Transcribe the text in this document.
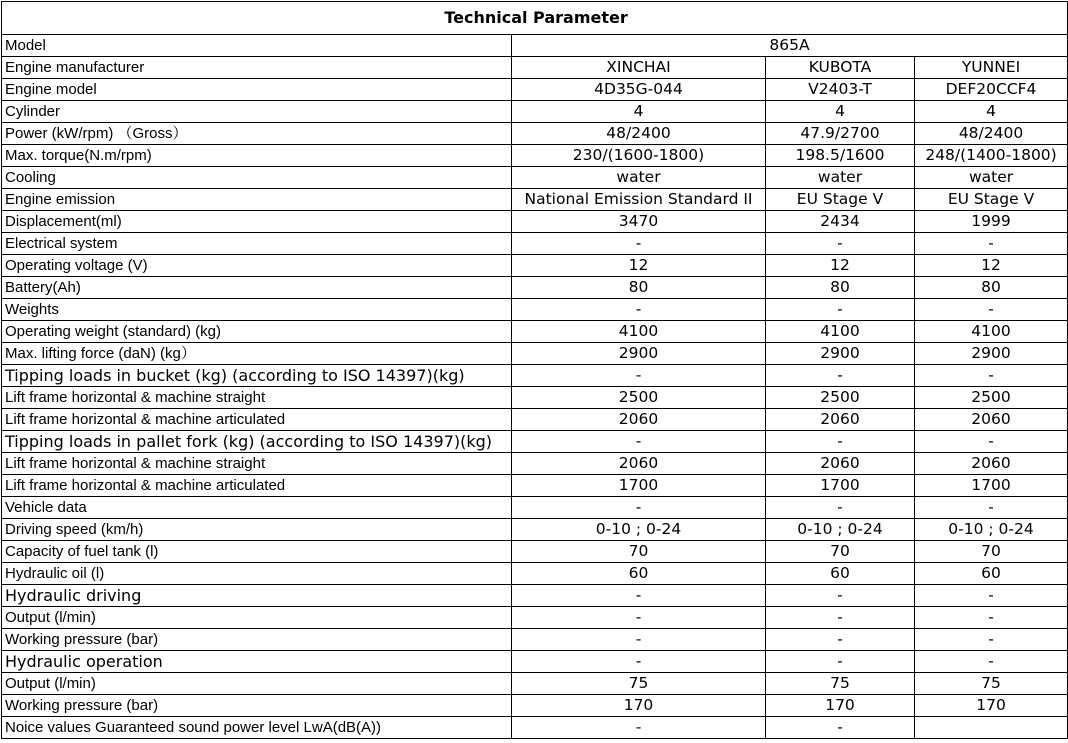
Technical Parameter			
Model	865A		
Engine manufacturer	XINCHAI	KUBOTA	YUNNEI
Engine model	4D35G-044	V2403-T	DEF20CCF4
Cylinder	4	4	4
Power (kW/rpm) （Gross）	48/2400	47.9/2700	48/2400
Max. torque(N.m/rpm)	230/(1600-1800)	198.5/1600	248/(1400-1800)
Cooling	water	water	water
Engine emission	National Emission Standard II	EU Stage V	EU Stage V
Displacement(ml)	3470	2434	1999
Electrical system	-	-	-
Operating voltage (V)	12	12	12
Battery(Ah)	80	80	80
Weights	-	-	-
Operating weight (standard) (kg)	4100	4100	4100
Max. lifting force (daN) (kg）	2900	2900	2900
Tipping loads in bucket (kg) (according to ISO 14397)(kg)	-	-	-
Lift frame horizontal & machine straight	2500	2500	2500
Lift frame horizontal & machine articulated	2060	2060	2060
Tipping loads in pallet fork (kg) (according to ISO 14397)(kg)	-	-	-
Lift frame horizontal & machine straight	2060	2060	2060
Lift frame horizontal & machine articulated	1700	1700	1700
Vehicle data	-	-	-
Driving speed (km/h)	0-10 ; 0-24	0-10 ; 0-24	0-10 ; 0-24
Capacity of fuel tank (l)	70	70	70
Hydraulic oil (l)	60	60	60
Hydraulic driving	-	-	-
Output (l/min)	-	-	-
Working pressure (bar)	-	-	-
Hydraulic operation	-	-	-
Output (l/min)	75	75	75
Working pressure (bar)	170	170	170
Noice values Guaranteed sound power level LwA(dB(A))	-	-	
